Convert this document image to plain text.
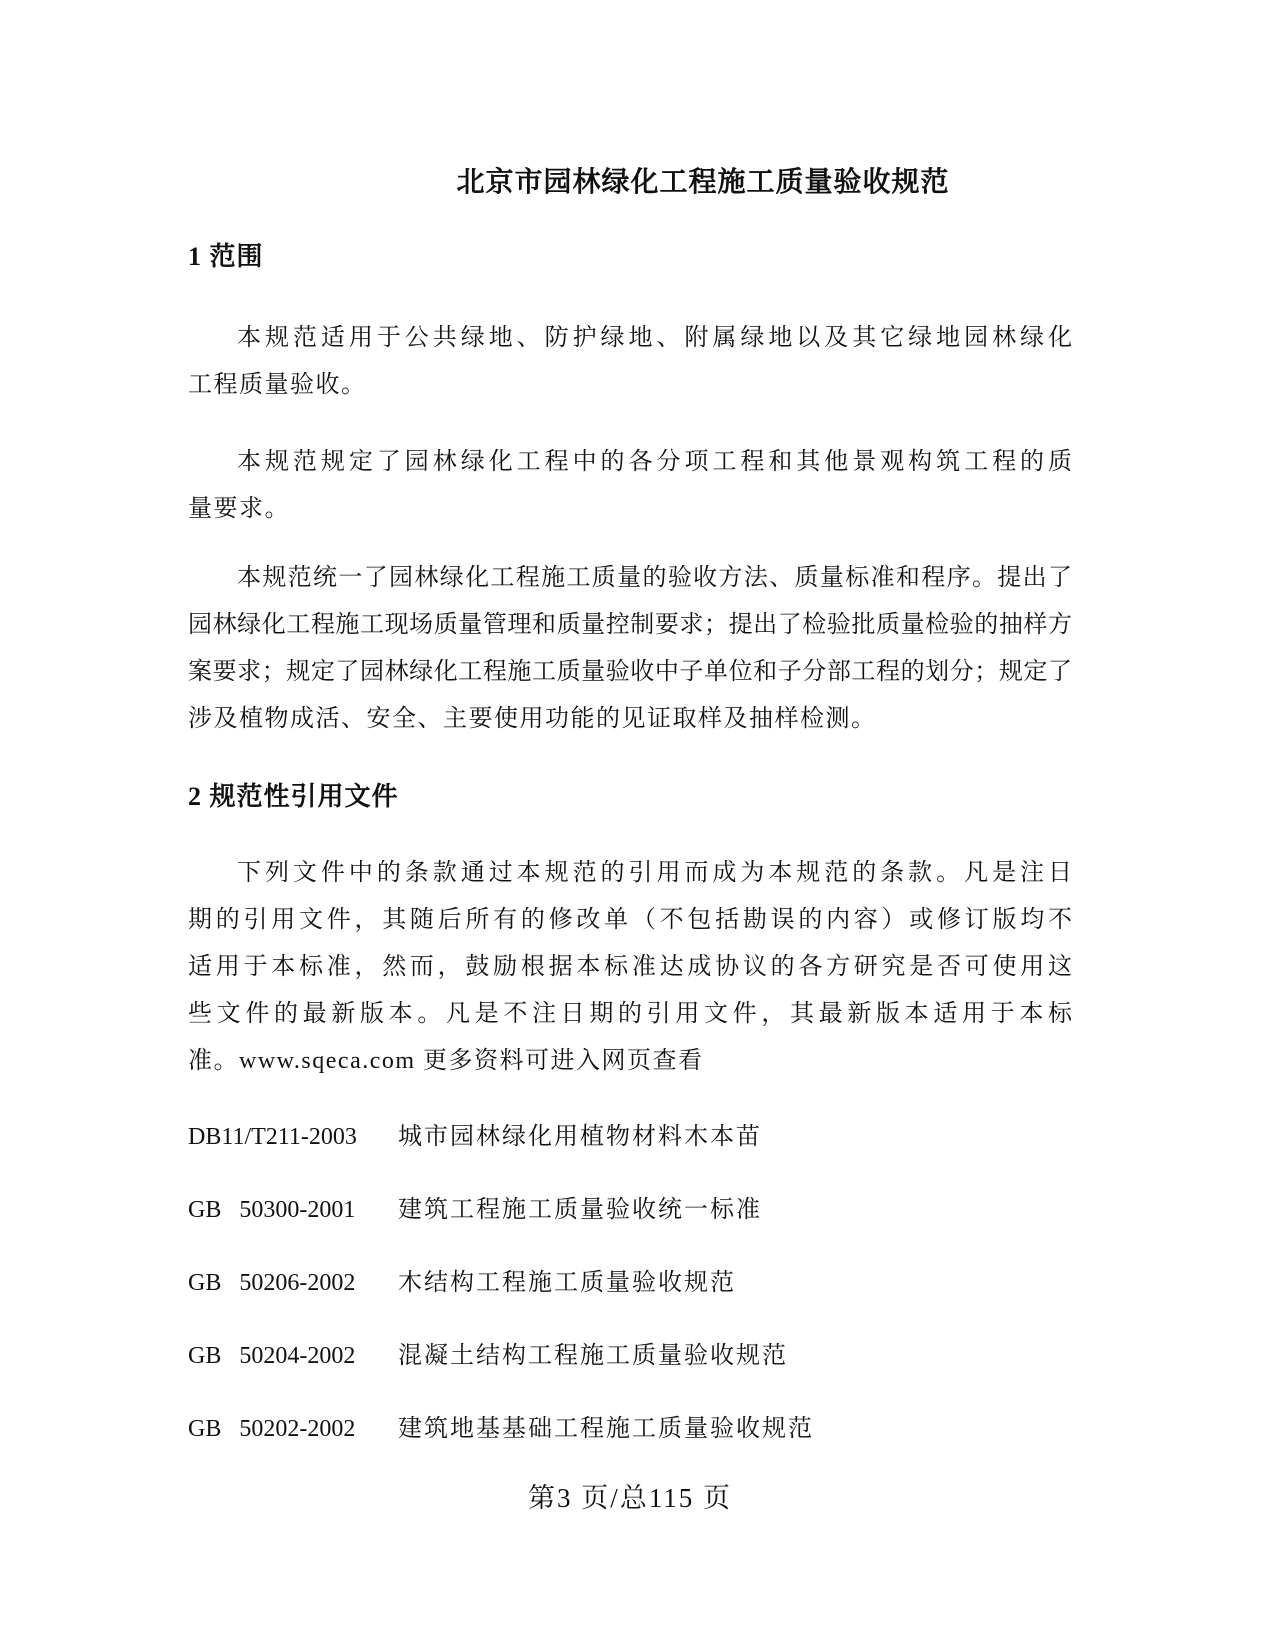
北京市园林绿化工程施工质量验收规范
1 范围
本规范适用于公共绿地、防护绿地、附属绿地以及其它绿地园林绿化
工程质量验收。
本规范规定了园林绿化工程中的各分项工程和其他景观构筑工程的质
量要求。
本规范统一了园林绿化工程施工质量的验收方法、质量标准和程序。提出了
园林绿化工程施工现场质量管理和质量控制要求；提出了检验批质量检验的抽样方
案要求；规定了园林绿化工程施工质量验收中子单位和子分部工程的划分；规定了
涉及植物成活、安全、主要使用功能的见证取样及抽样检测。
2 规范性引用文件
下列文件中的条款通过本规范的引用而成为本规范的条款。凡是注日
期的引用文件，其随后所有的修改单（不包括勘误的内容）或修订版均不
适用于本标准，然而，鼓励根据本标准达成协议的各方研究是否可使用这
些文件的最新版本。凡是不注日期的引用文件，其最新版本适用于本标
准。www.sqeca.com 更多资料可进入网页查看
DB11/T211-2003 城市园林绿化用植物材料木本苗
GB   50300-2001 建筑工程施工质量验收统一标准
GB   50206-2002 木结构工程施工质量验收规范
GB   50204-2002 混凝土结构工程施工质量验收规范
GB   50202-2002 建筑地基基础工程施工质量验收规范
第3 页/总115 页
